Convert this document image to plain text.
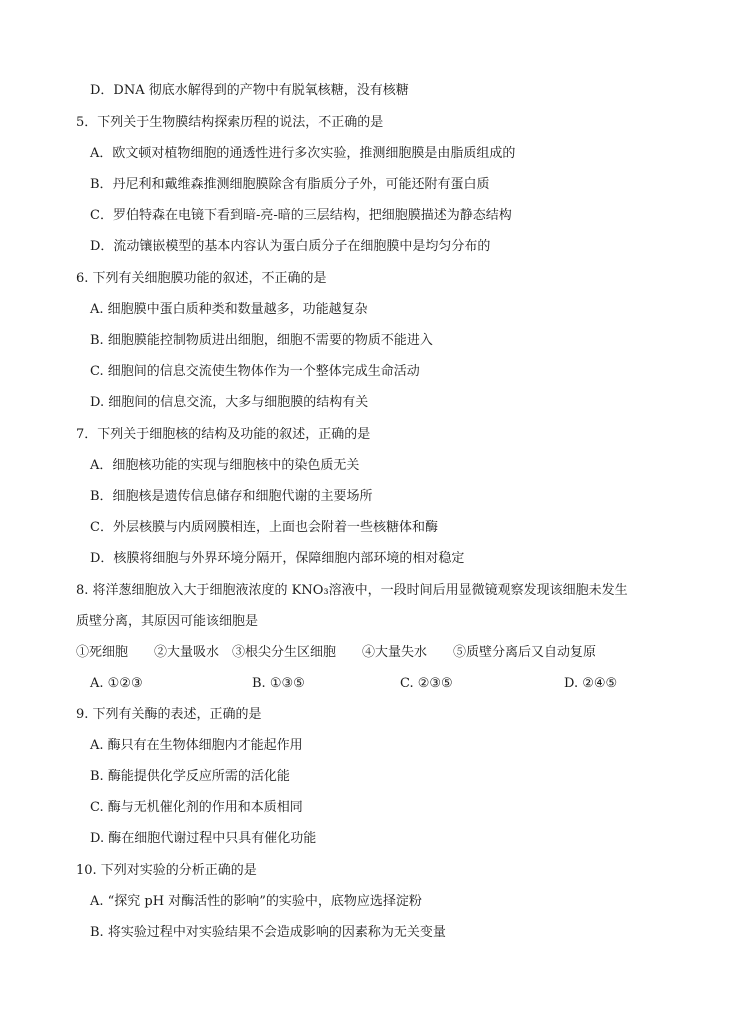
D．DNA 彻底水解得到的产物中有脱氧核糖，没有核糖
5．下列关于生物膜结构探索历程的说法，不正确的是
A．欧文顿对植物细胞的通透性进行多次实验，推测细胞膜是由脂质组成的
B．丹尼利和戴维森推测细胞膜除含有脂质分子外，可能还附有蛋白质
C．罗伯特森在电镜下看到暗-亮-暗的三层结构，把细胞膜描述为静态结构
D．流动镶嵌模型的基本内容认为蛋白质分子在细胞膜中是均匀分布的
6. 下列有关细胞膜功能的叙述，不正确的是
A. 细胞膜中蛋白质种类和数量越多，功能越复杂
B. 细胞膜能控制物质进出细胞，细胞不需要的物质不能进入
C. 细胞间的信息交流使生物体作为一个整体完成生命活动
D. 细胞间的信息交流，大多与细胞膜的结构有关
7．下列关于细胞核的结构及功能的叙述，正确的是
A．细胞核功能的实现与细胞核中的染色质无关
B．细胞核是遗传信息储存和细胞代谢的主要场所
C．外层核膜与内质网膜相连，上面也会附着一些核糖体和酶
D．核膜将细胞与外界环境分隔开，保障细胞内部环境的相对稳定
8. 将洋葱细胞放入大于细胞液浓度的 KNO₃溶液中，一段时间后用显微镜观察发现该细胞未发生
质壁分离，其原因可能该细胞是
①死细胞　　②大量吸水　③根尖分生区细胞　　④大量失水　　⑤质壁分离后又自动复原
A. ①②③	B. ①③⑤	C. ②③⑤	D. ②④⑤
9. 下列有关酶的表述，正确的是
A. 酶只有在生物体细胞内才能起作用
B. 酶能提供化学反应所需的活化能
C. 酶与无机催化剂的作用和本质相同
D. 酶在细胞代谢过程中只具有催化功能
10. 下列对实验的分析正确的是
A. “探究 pH 对酶活性的影响”的实验中，底物应选择淀粉
B. 将实验过程中对实验结果不会造成影响的因素称为无关变量
